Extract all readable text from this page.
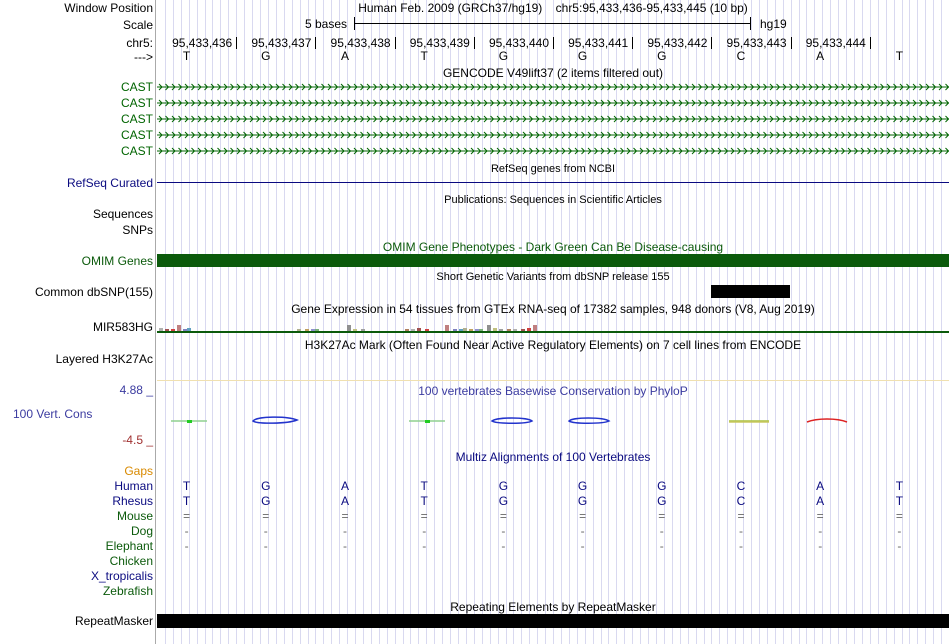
Window Position	Human Feb. 2009 (GRCh37/hg19)    chr5:95,433,436-95,433,445 (10 bp)
Scale	5 bases	hg19
chr5:	95,433,436	95,433,437	95,433,438	95,433,439	95,433,440	95,433,441	95,433,442	95,433,443	95,433,444
--->	T	G	A	T	G	G	G	C	A	T
GENCODE V49lift37 (2 items filtered out)
CAST
CAST
CAST
CAST
CAST
RefSeq genes from NCBI
RefSeq Curated
Publications: Sequences in Scientific Articles
Sequences
SNPs
OMIM Gene Phenotypes - Dark Green Can Be Disease-causing
OMIM Genes
Short Genetic Variants from dbSNP release 155
Common dbSNP(155)
Gene Expression in 54 tissues from GTEx RNA-seq of 17382 samples, 948 donors (V8, Aug 2019)
MIR583HG
H3K27Ac Mark (Often Found Near Active Regulatory Elements) on 7 cell lines from ENCODE
Layered H3K27Ac
100 vertebrates Basewise Conservation by PhyloP
4.88 _
100 Vert. Cons
-4.5 _
Multiz Alignments of 100 Vertebrates
Gaps
Human	T	G	A	T	G	G	G	C	A	T
Rhesus	T	G	A	T	G	G	G	C	A	T
Mouse	=	=	=	=	=	=	=	=	=	=
Dog	-	-	-	-	-	-	-	-	-	-
Elephant	-	-	-	-	-	-	-	-	-	-
Chicken
X_tropicalis
Zebrafish
Repeating Elements by RepeatMasker
RepeatMasker
